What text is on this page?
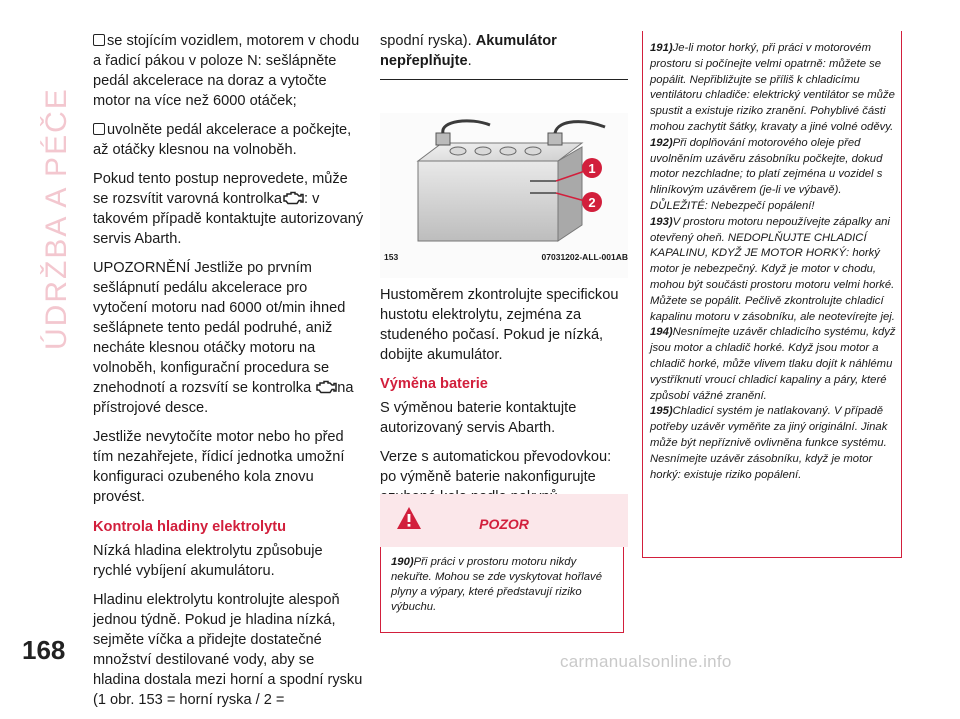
ÚDRŽBA A PÉČE

se stojícím vozidlem, motorem v chodu a řadicí pákou v poloze N: sešlápněte pedál akcelerace na doraz a vytočte motor na více než 6000 otáček;

uvolněte pedál akcelerace a počkejte, až otáčky klesnou na volnoběh.

Pokud tento postup neprovedete, může se rozsvítit varovná kontrolka : v takovém případě kontaktujte autorizovaný servis Abarth.

UPOZORNĚNÍ Jestliže po prvním sešlápnutí pedálu akcelerace pro vytočení motoru nad 6000 ot/min ihned sešlápnete tento pedál podruhé, aniž necháte klesnou otáčky motoru na volnoběh, konfigurační procedura se znehodnotí a rozsvítí se kontrolka na přístrojové desce.

Jestliže nevytočíte motor nebo ho před tím nezahřejete, řídicí jednotka umožní konfiguraci ozubeného kola znovu provést.

Kontrola hladiny elektrolytu

Nízká hladina elektrolytu způsobuje rychlé vybíjení akumulátoru.

Hladinu elektrolytu kontrolujte alespoň jednou týdně. Pokud je hladina nízká, sejměte víčka a přidejte dostatečné množství destilované vody, aby se hladina dostala mezi horní a spodní rysku (1 obr. 153 = horní ryska / 2 =

spodní ryska). Akumulátor nepřeplňujte.

1
2
153	07031202-ALL-001AB

Hustoměrem zkontrolujte specifickou hustotu elektrolytu, zejména za studeného počasí. Pokud je nízká, dobijte akumulátor.

Výměna baterie

S výměnou baterie kontaktujte autorizovaný servis Abarth.

Verze s automatickou převodovkou: po výměně baterie nakonfigurujte

POZOR
190)Při práci v prostoru motoru nikdy nekuřte. Mohou se zde vyskytovat hořlavé plyny a výpary, které představují riziko výbuchu.

191)Je-li motor horký, při práci v motorovém prostoru si počínejte velmi opatrně: můžete se popálit. Nepřibližujte se příliš k chladicímu ventilátoru chladiče: elektrický ventilátor se může spustit a existuje riziko zranění. Pohyblivé části mohou zachytit šátky, kravaty a jiné volné oděvy.

192)Při doplňování motorového oleje před uvolněním uzávěru zásobníku počkejte, dokud motor nezchladne; to platí zejména u vozidel s hliníkovým uzávěrem (je-li ve výbavě). DŮLEŽITÉ: Nebezpečí popálení!

193)V prostoru motoru nepoužívejte zápalky ani otevřený oheň. NEDOPLŇUJTE CHLADICÍ KAPALINU, KDYŽ JE MOTOR HORKÝ: horký motor je nebezpečný. Když je motor v chodu, mohou být součásti prostoru motoru velmi horké. Můžete se popálit. Pečlivě zkontrolujte chladicí kapalinu motoru v zásobníku, ale neotevírejte jej.

194)Nesnímejte uzávěr chladicího systému, když jsou motor a chladič horké. Když jsou motor a chladič horké, může vlivem tlaku dojít k náhlému vystříknutí vroucí chladicí kapaliny a páry, které způsobí vážné zranění.

195)Chladicí systém je natlakovaný. V případě potřeby uzávěr vyměňte za jiný originální. Jinak může být nepříznivě ovlivněna funkce systému. Nesnímejte uzávěr zásobníku, když je motor horký: existuje riziko popálení.

168	carmanualsonline.info
